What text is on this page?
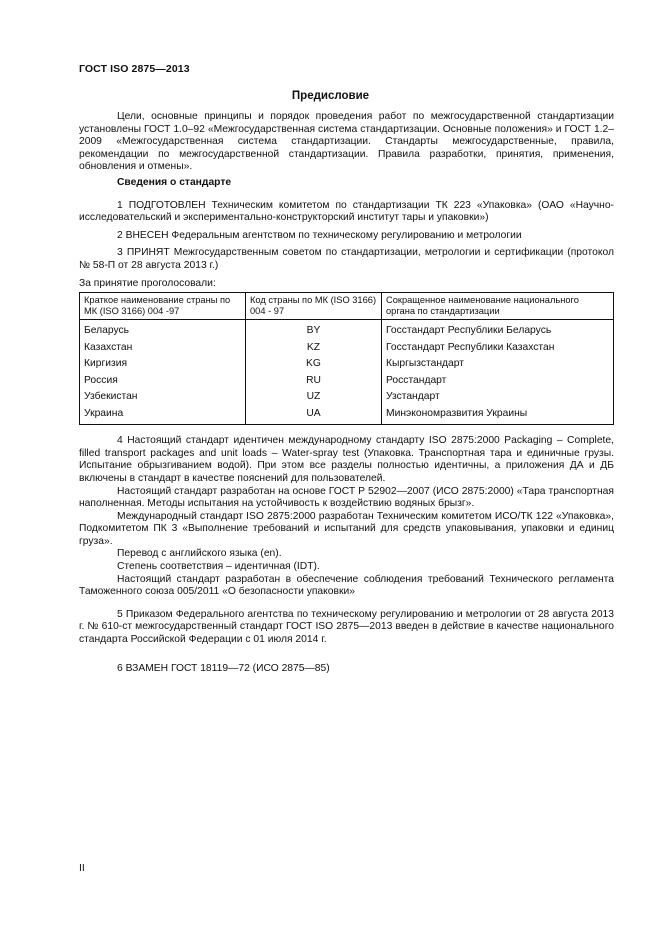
ГОСТ ISO 2875—2013
Предисловие

Цели, основные принципы и порядок проведения работ по межгосударственной стандартизации установлены ГОСТ 1.0–92 «Межгосударственная система стандартизации. Основные положения» и ГОСТ 1.2–2009 «Межгосударственная система стандартизации. Стандарты межгосударственные, правила, рекомендации по межгосударственной стандартизации. Правила разработки, принятия, применения, обновления и отмены».

Сведения о стандарте

1 ПОДГОТОВЛЕН Техническим комитетом по стандартизации ТК 223 «Упаковка» (ОАО «Научно-исследовательский и экспериментально-конструкторский институт тары и упаковки»)

2 ВНЕСЕН Федеральным агентством по техническому регулированию и метрологии

3 ПРИНЯТ Межгосударственным советом по стандартизации, метрологии и сертификации (протокол № 58-П от 28 августа 2013 г.)

За принятие проголосовали:

Краткое наименование страны по МК (ISO 3166) 004 -97	Код страны по МК (ISO 3166) 004 - 97	Сокращенное наименование национального органа по стандартизации
Беларусь	BY	Госстандарт Республики Беларусь
Казахстан	KZ	Госстандарт Республики Казахстан
Киргизия	KG	Кыргызстандарт
Россия	RU	Росстандарт
Узбекистан	UZ	Узстандарт
Украина	UA	Минэкономразвития Украины

4 Настоящий стандарт идентичен международному стандарту ISO 2875:2000 Packaging – Complete, filled transport packages and unit loads – Water-spray test (Упаковка. Транспортная тара и единичные грузы. Испытание обрызгиванием водой). При этом все разделы полностью идентичны, а приложения ДА и ДБ включены в стандарт в качестве пояснений для пользователей.

Настоящий стандарт разработан на основе ГОСТ Р 52902—2007 (ИСО 2875:2000) «Тара транспортная наполненная. Методы испытания на устойчивость к воздействию водяных брызг».

Международный стандарт ISO 2875:2000 разработан Техническим комитетом ИСО/ТК 122 «Упаковка», Подкомитетом ПК 3 «Выполнение требований и испытаний для средств упаковывания, упаковки и единиц груза».

Перевод с английского языка (en).

Степень соответствия – идентичная (IDT).

Настоящий стандарт разработан в обеспечение соблюдения требований Технического регламента Таможенного союза 005/2011 «О безопасности упаковки»

5 Приказом Федерального агентства по техническому регулированию и метрологии от 28 августа 2013 г. № 610-ст межгосударственный стандарт ГОСТ ISO 2875—2013 введен в действие в качестве национального стандарта Российской Федерации с 01 июля 2014 г.

6 ВЗАМЕН ГОСТ 18119—72 (ИСО 2875—85)

II
